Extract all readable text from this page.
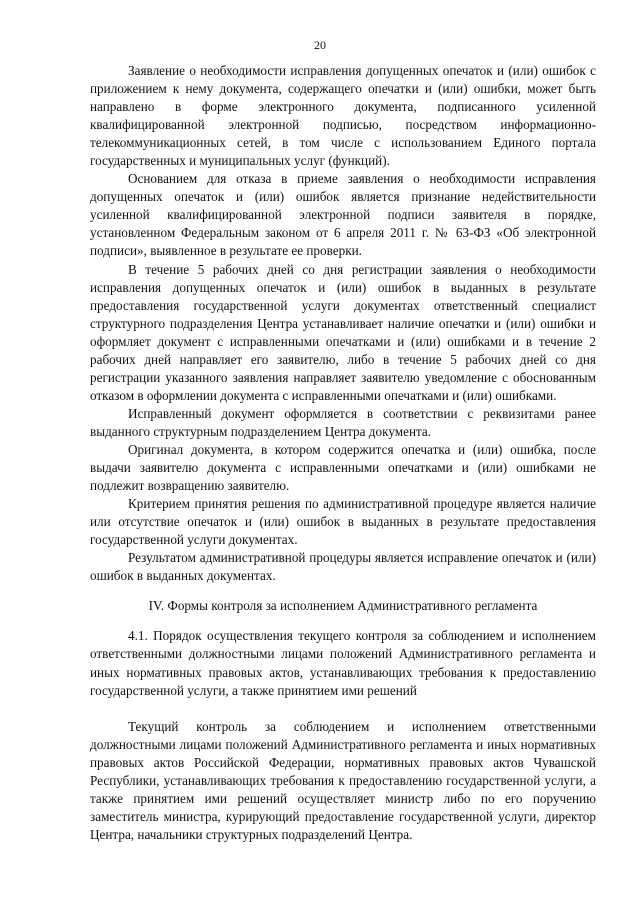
20

Заявление о необходимости исправления допущенных опечаток и (или) ошибок с приложением к нему документа, содержащего опечатки и (или) ошибки, может быть направлено в форме электронного документа, подписанного усиленной квалифицированной электронной подписью, посредством информационно-телекоммуникационных сетей, в том числе с использованием Единого портала государственных и муниципальных услуг (функций).

Основанием для отказа в приеме заявления о необходимости исправления допущенных опечаток и (или) ошибок является признание недействительности усиленной квалифицированной электронной подписи заявителя в порядке, установленном Федеральным законом от 6 апреля 2011 г. № 63-ФЗ «Об электронной подписи», выявленное в результате ее проверки.

В течение 5 рабочих дней со дня регистрации заявления о необходимости исправления допущенных опечаток и (или) ошибок в выданных в результате предоставления государственной услуги документах ответственный специалист структурного подразделения Центра устанавливает наличие опечатки и (или) ошибки и оформляет документ с исправленными опечатками и (или) ошибками и в течение 2 рабочих дней направляет его заявителю, либо в течение 5 рабочих дней со дня регистрации указанного заявления направляет заявителю уведомление с обоснованным отказом в оформлении документа с исправленными опечатками и (или) ошибками.

Исправленный документ оформляется в соответствии с реквизитами ранее выданного структурным подразделением Центра документа.

Оригинал документа, в котором содержится опечатка и (или) ошибка, после выдачи заявителю документа с исправленными опечатками и (или) ошибками не подлежит возвращению заявителю.

Критерием принятия решения по административной процедуре является наличие или отсутствие опечаток и (или) ошибок в выданных в результате предоставления государственной услуги документах.

Результатом административной процедуры является исправление опечаток и (или) ошибок в выданных документах.

IV. Формы контроля за исполнением Административного регламента

4.1. Порядок осуществления текущего контроля за соблюдением и исполнением ответственными должностными лицами положений Административного регламента и иных нормативных правовых актов, устанавливающих требования к предоставлению государственной услуги, а также принятием ими решений

Текущий контроль за соблюдением и исполнением ответственными должностными лицами положений Административного регламента и иных нормативных правовых актов Российской Федерации, нормативных правовых актов Чувашской Республики, устанавливающих требования к предоставлению государственной услуги, а также принятием ими решений осуществляет министр либо по его поручению заместитель министра, курирующий предоставление государственной услуги, директор Центра, начальники структурных подразделений Центра.
